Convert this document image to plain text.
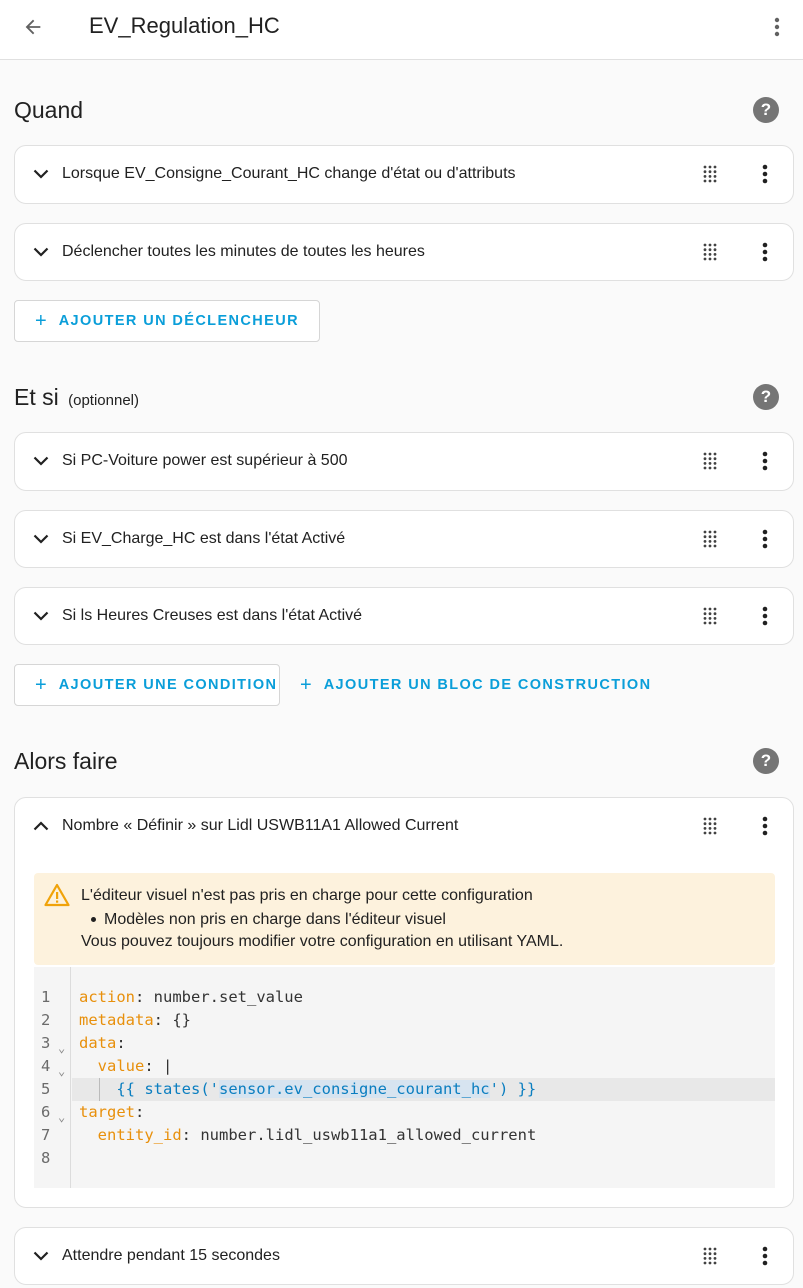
EV_Regulation_HC
Quand	?
Lorsque EV_Consigne_Courant_HC change d'état ou d'attributs
Déclencher toutes les minutes de toutes les heures
+ AJOUTER UN DÉCLENCHEUR
Et si (optionnel)	?
Si PC-Voiture power est supérieur à 500
Si EV_Charge_HC est dans l'état Activé
Si ls Heures Creuses est dans l'état Activé
+ AJOUTER UNE CONDITION + AJOUTER UN BLOC DE CONSTRUCTION
Alors faire	?
Nombre « Définir » sur Lidl USWB11A1 Allowed Current
L'éditeur visuel n'est pas pris en charge pour cette configuration
Modèles non pris en charge dans l'éditeur visuel
Vous pouvez toujours modifier votre configuration en utilisant YAML.
1
2
3 ⌄
4 ⌄
5
6 ⌄
7
8
action: number.set_value
metadata: {}
data:
value: |
{{ states('sensor.ev_consigne_courant_hc') }}
target:
entity_id: number.lidl_uswb11a1_allowed_current
Attendre pendant 15 secondes
